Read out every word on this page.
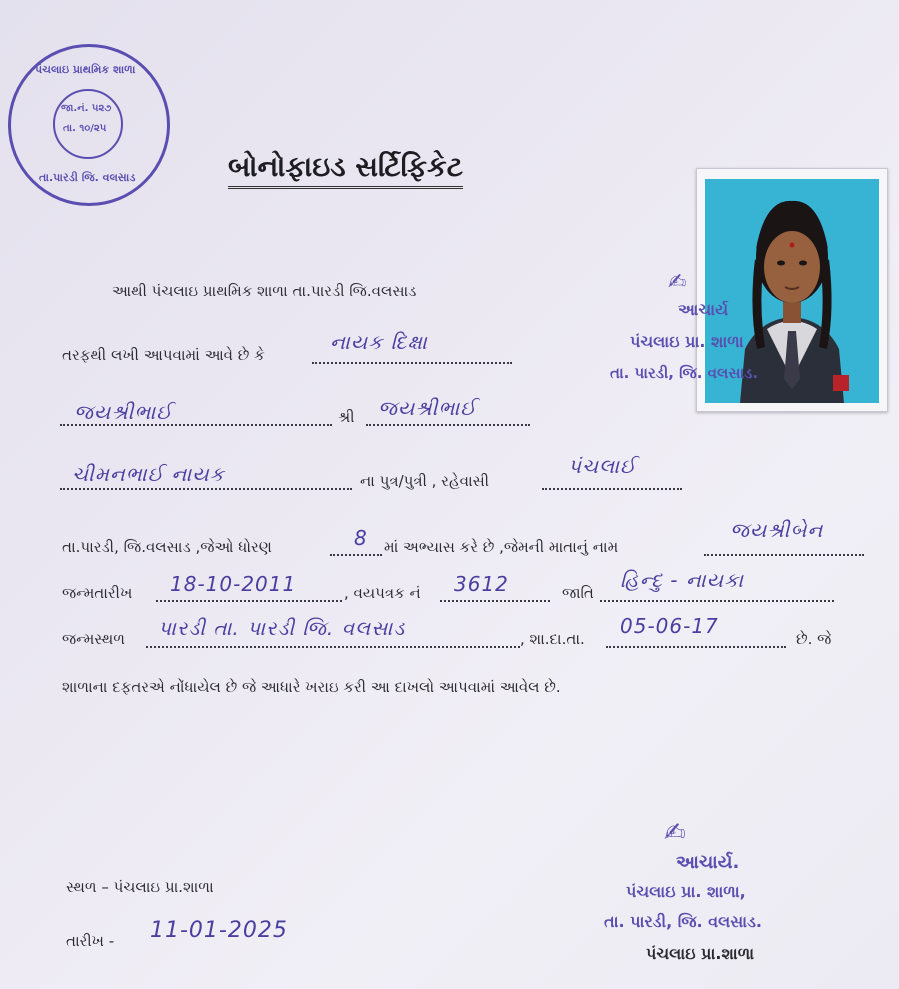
પંચલાઇ પ્રાથમિક શાળા
જા.નં. ૫૨૭
તા. ૧૦/૨૫
તા.પારડી જિ. વલસાડ	બોનોફાઇડ સર્ટિફિકેટ
✍
આચાર્ય
પંચલાઇ પ્રા. શાળા
તા. પારડી, જિ. વલસાડ.
આથી પંચલાઇ પ્રાથમિક શાળા તા.પારડી જિ.વલસાડ
તરફથી લખી આપવામાં આવે છે કે
નાયક દિક્ષા
જયશ્રીભાઈ	શ્રી જયશ્રીભાઈ
ચીમનભાઈ નાયક	ના પુત્ર/પુત્રી , રહેવાસી
પંચલાઈ
તા.પારડી, જિ.વલસાડ ,જેઓ ધોરણ	8 માં અભ્યાસ કરે છે ,જેમની માતાનું નામ
જયશ્રીબેન
જન્મતારીખ 18-10-2011	, વયપત્રક નં 3612	જાતિ
હિન્દુ - નાયકા
જન્મસ્થળ પારડી તા. પારડી જિ. વલસાડ	, શા.દા.તા.
05-06-17
છે. જે
શાળાના દફતરએ નોંધાયેલ છે જે આધારે ખરાઇ કરી આ દાખલો આપવામાં આવેલ છે.
સ્થળ – પંચલાઇ પ્રા.શાળા
તારીખ - 11-01-2025
✍
આચાર્ય.
પંચલાઇ પ્રા. શાળા,
તા. પારડી, જિ. વલસાડ.
પંચલાઇ પ્રા.શાળા
